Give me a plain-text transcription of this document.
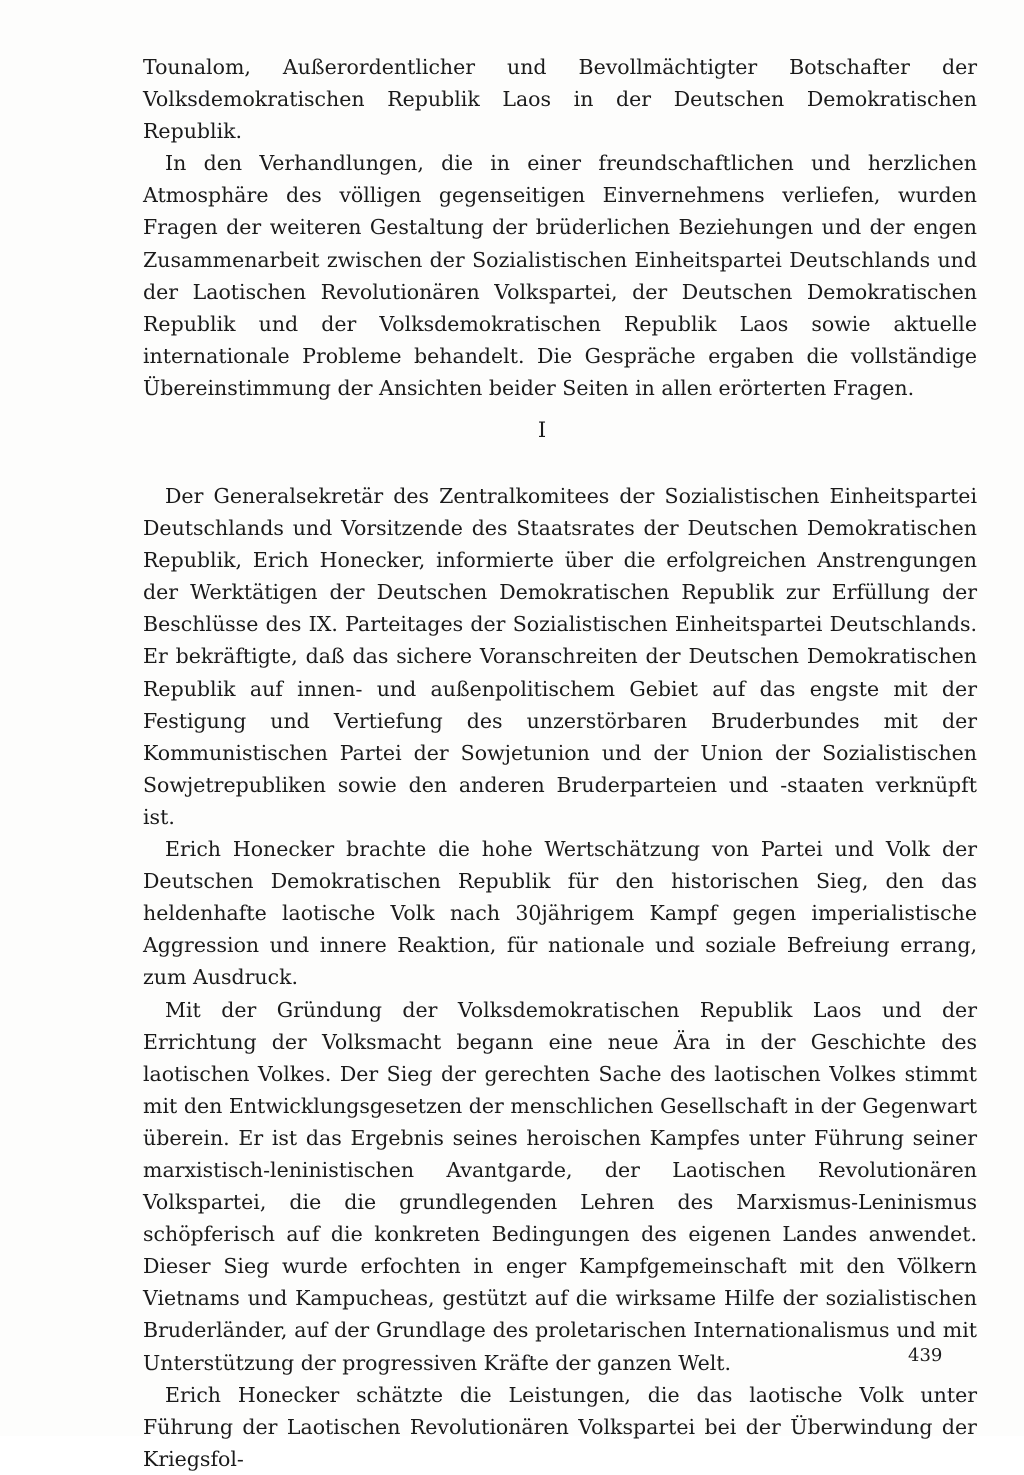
Tounalom, Außerordentlicher und Bevollmächtigter Botschafter der Volksdemokratischen Republik Laos in der Deutschen Demokratischen Republik.

In den Verhandlungen, die in einer freundschaftlichen und herzlichen Atmosphäre des völligen gegenseitigen Einvernehmens verliefen, wurden Fragen der weiteren Gestaltung der brüderlichen Beziehungen und der engen Zusammenarbeit zwischen der Sozialistischen Einheitspartei Deutschlands und der Laotischen Revolutionären Volkspartei, der Deutschen Demokratischen Republik und der Volksdemokratischen Republik Laos sowie aktuelle internationale Probleme behandelt. Die Gespräche ergaben die vollständige Übereinstimmung der Ansichten beider Seiten in allen erörterten Fragen.

I

Der Generalsekretär des Zentralkomitees der Sozialistischen Einheitspartei Deutschlands und Vorsitzende des Staatsrates der Deutschen Demokratischen Republik, Erich Honecker, informierte über die erfolgreichen Anstrengungen der Werktätigen der Deutschen Demokratischen Republik zur Erfüllung der Beschlüsse des IX. Parteitages der Sozialistischen Einheitspartei Deutschlands. Er bekräftigte, daß das sichere Voranschreiten der Deutschen Demokratischen Republik auf innen- und außenpolitischem Gebiet auf das engste mit der Festigung und Vertiefung des unzerstörbaren Bruderbundes mit der Kommunistischen Partei der Sowjetunion und der Union der Sozialistischen Sowjetrepubliken sowie den anderen Bruderparteien und -staaten verknüpft ist.

Erich Honecker brachte die hohe Wertschätzung von Partei und Volk der Deutschen Demokratischen Republik für den historischen Sieg, den das heldenhafte laotische Volk nach 30jährigem Kampf gegen imperialistische Aggression und innere Reaktion, für nationale und soziale Befreiung errang, zum Ausdruck.

Mit der Gründung der Volksdemokratischen Republik Laos und der Errichtung der Volksmacht begann eine neue Ära in der Geschichte des laotischen Volkes. Der Sieg der gerechten Sache des laotischen Volkes stimmt mit den Entwicklungsgesetzen der menschlichen Gesellschaft in der Gegenwart überein. Er ist das Ergebnis seines heroischen Kampfes unter Führung seiner marxistisch-leninistischen Avantgarde, der Laotischen Revolutionären Volkspartei, die die grundlegenden Lehren des Marxismus-Leninismus schöpferisch auf die konkreten Bedingungen des eigenen Landes anwendet. Dieser Sieg wurde erfochten in enger Kampfgemeinschaft mit den Völkern Vietnams und Kampucheas, gestützt auf die wirksame Hilfe der sozialistischen Bruderländer, auf der Grundlage des proletarischen Internationalismus und mit Unterstützung der progressiven Kräfte der ganzen Welt.

Erich Honecker schätzte die Leistungen, die das laotische Volk unter Führung der Laotischen Revolutionären Volkspartei bei der Überwindung der Kriegsfol-

439
